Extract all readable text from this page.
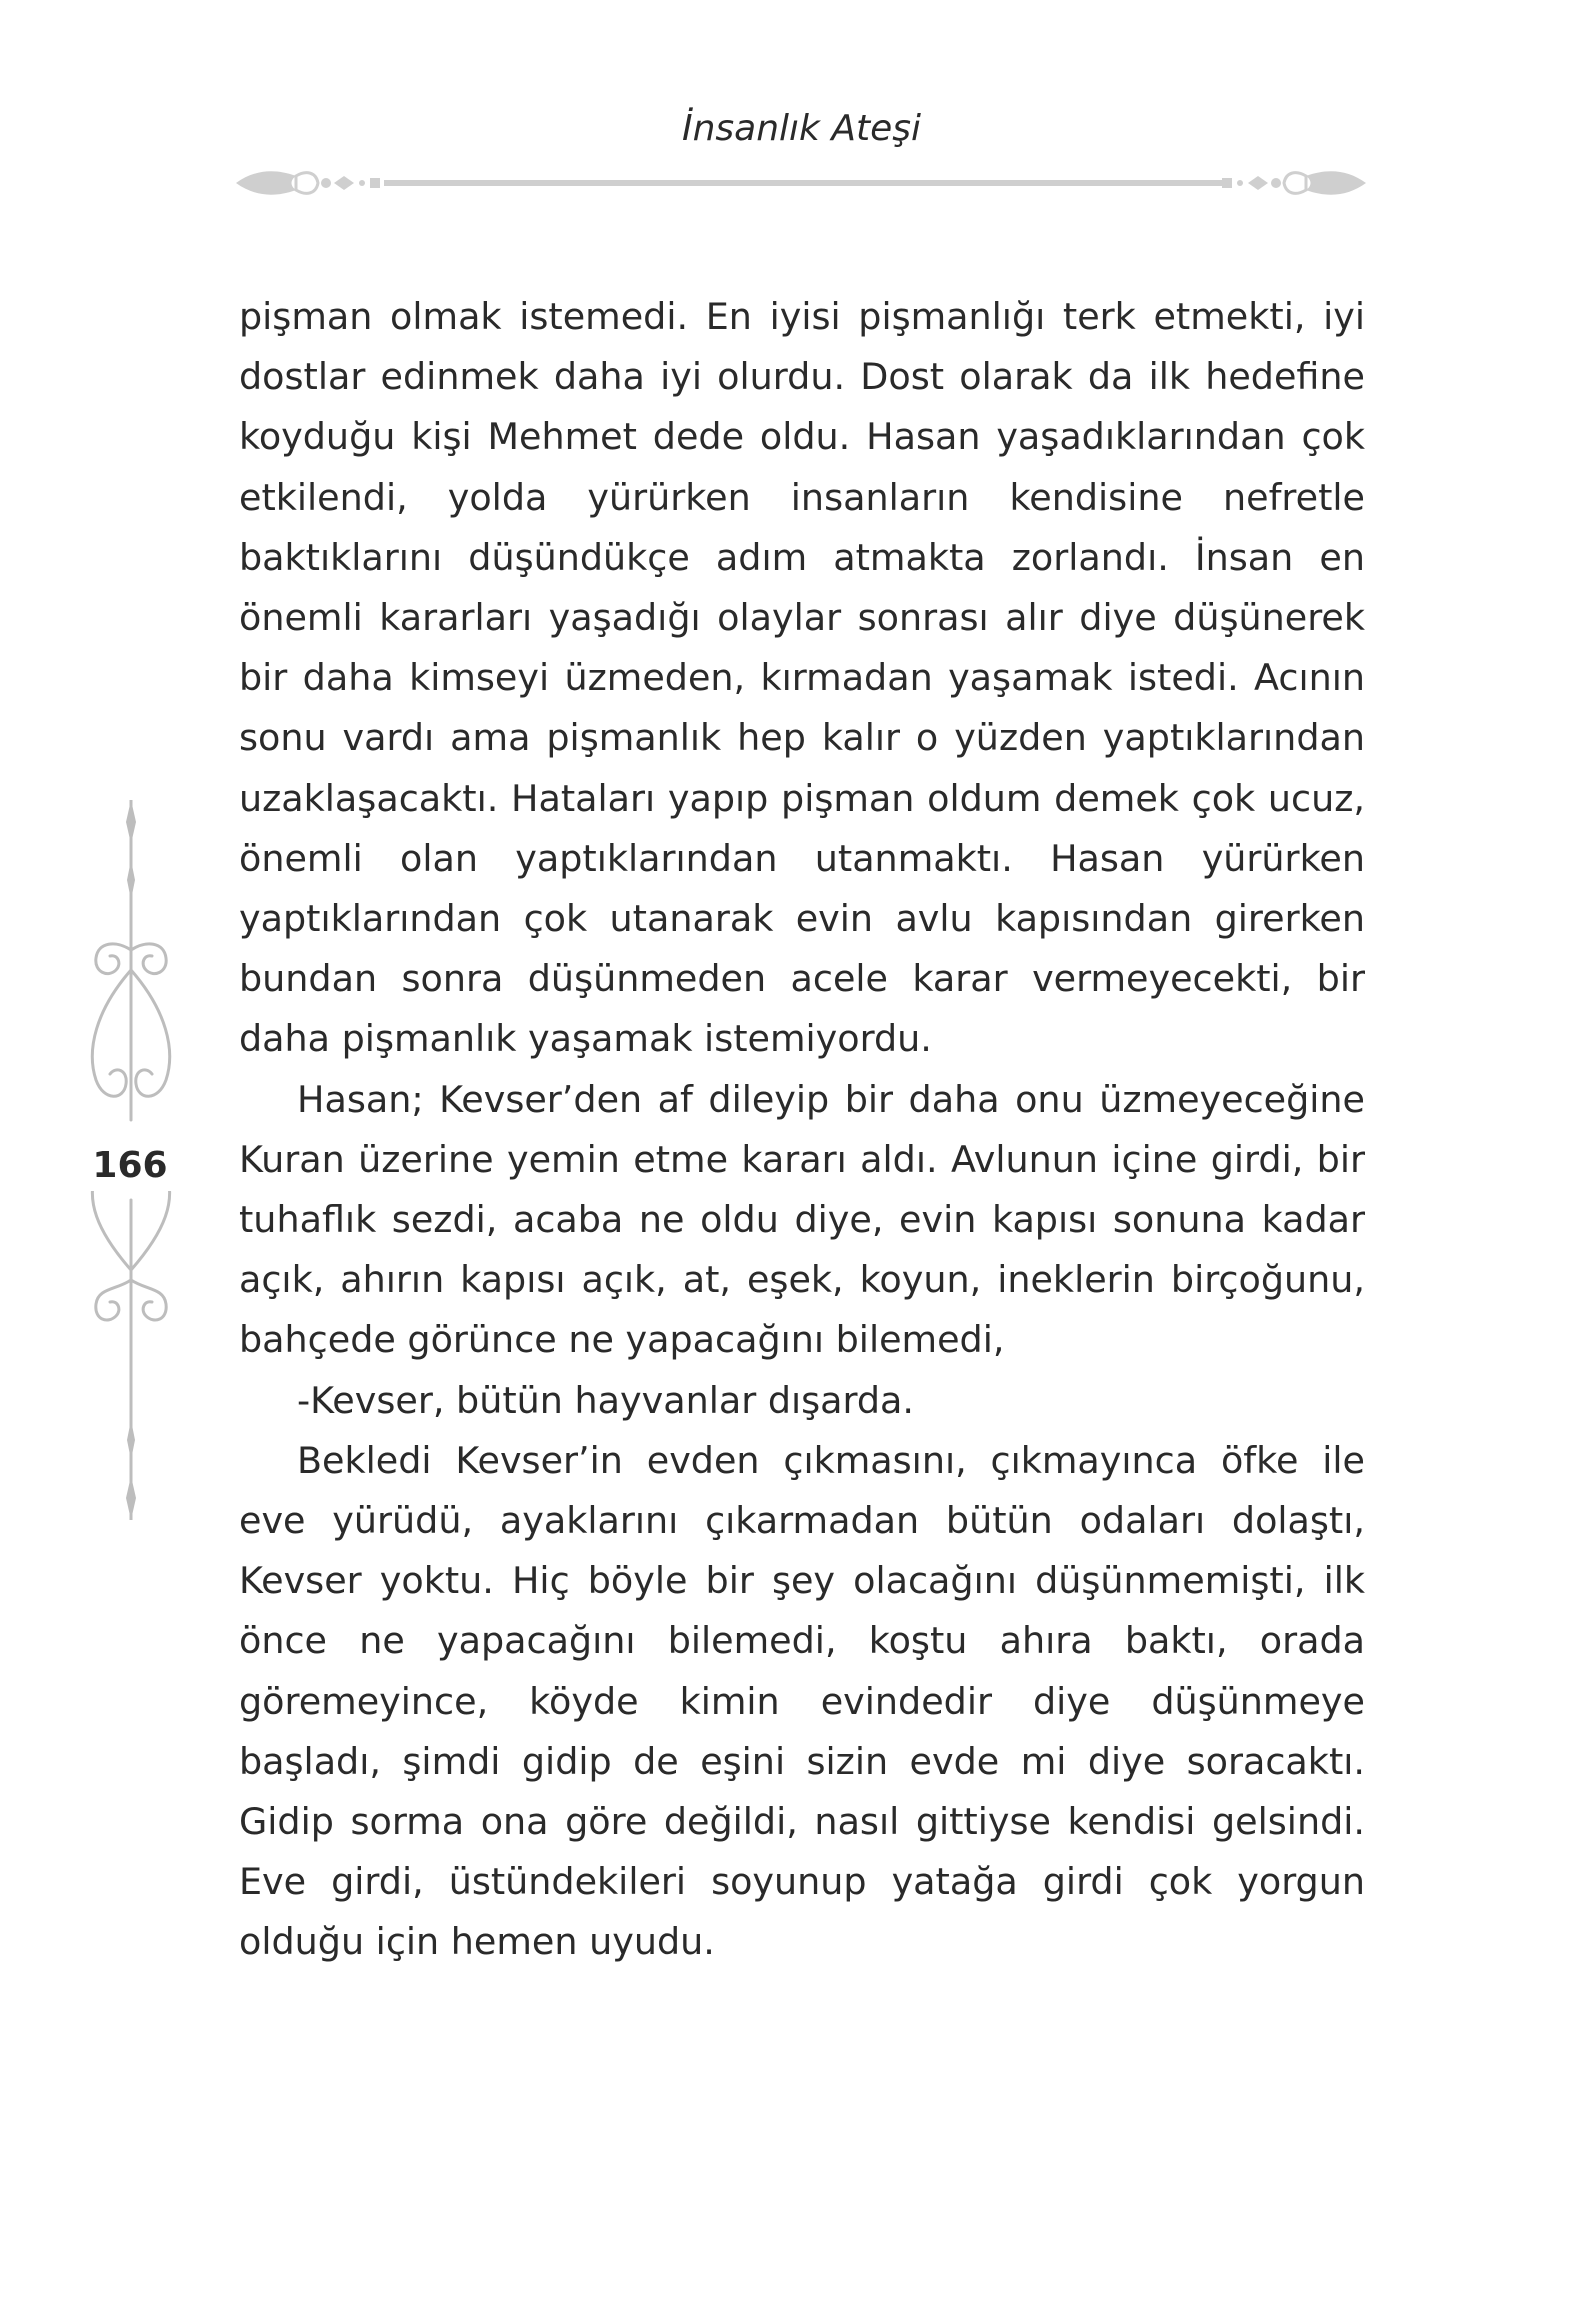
İnsanlık Ateşi

pişman olmak istemedi. En iyisi pişmanlığı terk etmekti, iyi dostlar edinmek daha iyi olurdu. Dost olarak da ilk hedefine koyduğu kişi Mehmet dede oldu. Hasan yaşadıklarından çok etkilendi, yolda yürürken insanların kendisine nefretle baktıklarını düşündükçe adım atmakta zorlandı. İnsan en önemli kararları yaşadığı olaylar sonrası alır diye düşünerek bir daha kimseyi üzmeden, kırmadan yaşamak istedi. Acının sonu vardı ama pişmanlık hep kalır o yüzden yaptıklarından uzaklaşacaktı. Hataları yapıp pişman oldum demek çok ucuz, önemli olan yaptıklarından utanmaktı. Hasan yürürken yaptıklarından çok utanarak evin avlu kapısından girerken bundan sonra düşünmeden acele karar vermeyecekti, bir daha pişmanlık yaşamak istemiyordu.

Hasan; Kevser’den af dileyip bir daha onu üzmeyeceğine Kuran üzerine yemin etme kararı aldı. Avlunun içine girdi, bir tuhaflık sezdi, acaba ne oldu diye, evin kapısı sonuna kadar açık, ahırın kapısı açık, at, eşek, koyun, ineklerin birçoğunu, bahçede görünce ne yapacağını bilemedi,

-Kevser, bütün hayvanlar dışarda.

Bekledi Kevser’in evden çıkmasını, çıkmayınca öfke ile eve yürüdü, ayaklarını çıkarmadan bütün odaları dolaştı, Kevser yoktu. Hiç böyle bir şey olacağını düşünmemişti, ilk önce ne yapacağını bilemedi, koştu ahıra baktı, orada göremeyince, köyde kimin evindedir diye düşünmeye başladı, şimdi gidip de eşini sizin evde mi diye soracaktı. Gidip sorma ona göre değildi, nasıl gittiyse kendisi gelsindi. Eve girdi, üstündekileri soyunup yatağa girdi çok yorgun olduğu için hemen uyudu.

166
